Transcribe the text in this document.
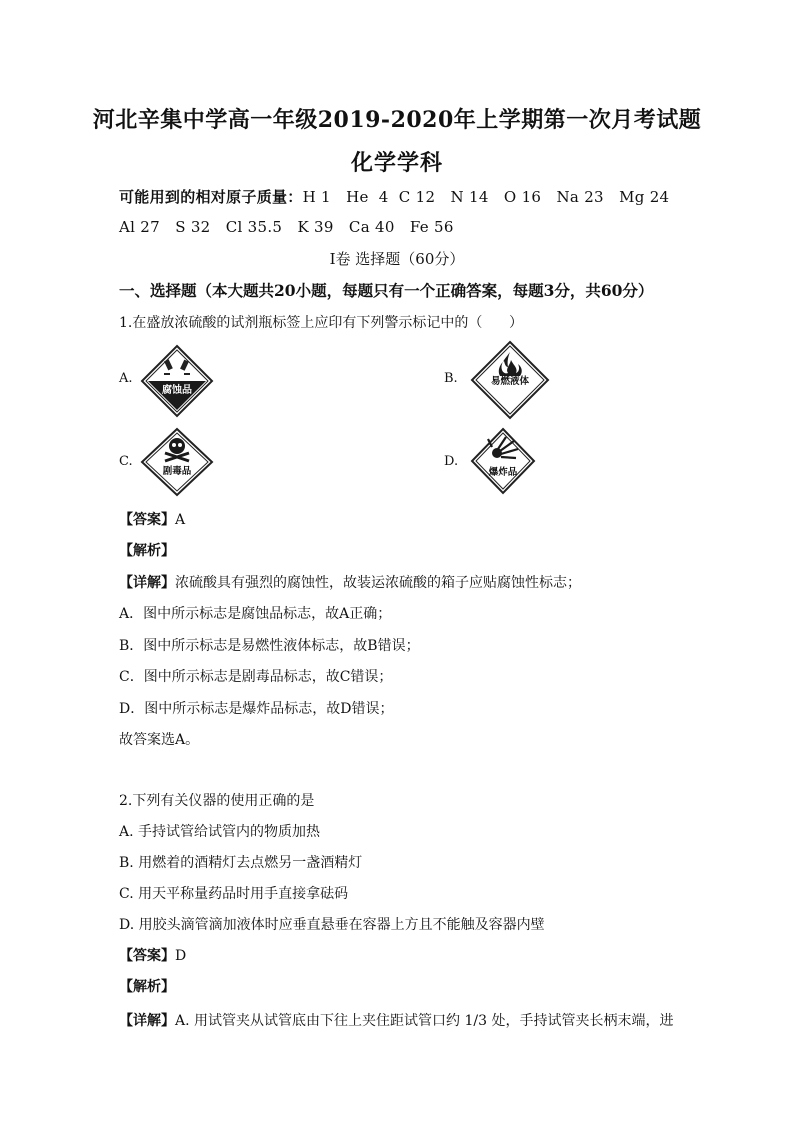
河北辛集中学高一年级2019-2020年上学期第一次月考试题
化学学科
可能用到的相对原子质量：H 1   He  4  C 12   N 14   O 16   Na 23   Mg 24
Al 27   S 32   Cl 35.5   K 39   Ca 40   Fe 56
Ⅰ卷 选择题（60分）
一、选择题（本大题共20小题，每题只有一个正确答案，每题3分，共60分）
1.在盛放浓硫酸的试剂瓶标签上应印有下列警示标记中的（      ）
A.
腐蚀品
B.	易燃液体
C.
剧毒品
D.
爆炸品
【答案】A
【解析】
【详解】浓硫酸具有强烈的腐蚀性，故装运浓硫酸的箱子应贴腐蚀性标志；
A．图中所示标志是腐蚀品标志，故A正确；
B．图中所示标志是易燃性液体标志，故B错误；
C．图中所示标志是剧毒品标志，故C错误；
D．图中所示标志是爆炸品标志，故D错误；
故答案选A。
2.下列有关仪器的使用正确的是
A. 手持试管给试管内的物质加热
B. 用燃着的酒精灯去点燃另一盏酒精灯
C. 用天平称量药品时用手直接拿砝码
D. 用胶头滴管滴加液体时应垂直悬垂在容器上方且不能触及容器内壁
【答案】D
【解析】
【详解】A. 用试管夹从试管底由下往上夹住距试管口约 1/3 处，手持试管夹长柄末端，进
